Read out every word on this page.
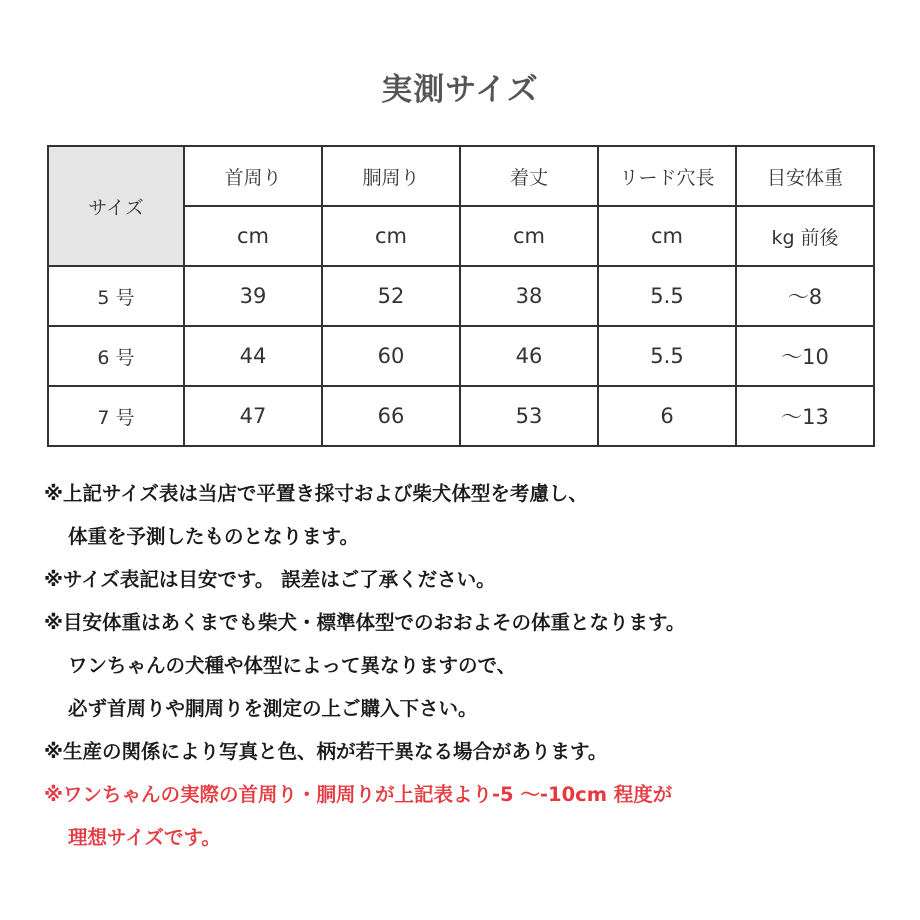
実測サイズ
サイズ	首周り	胴周り	着丈	リード穴長	目安体重
	cm	cm	cm	cm	kg 前後
5 号	39	52	38	5.5	～8
6 号	44	60	46	5.5	～10
7 号	47	66	53	6	～13
※上記サイズ表は当店で平置き採寸および柴犬体型を考慮し、
体重を予測したものとなります。
※サイズ表記は目安です。 誤差はご了承ください。
※目安体重はあくまでも柴犬・標準体型でのおおよその体重となります。
ワンちゃんの犬種や体型によって異なりますので、
必ず首周りや胴周りを測定の上ご購入下さい。
※生産の関係により写真と色、柄が若干異なる場合があります。
※ワンちゃんの実際の首周り・胴周りが上記表より-5 ～-10cm 程度が
理想サイズです。
